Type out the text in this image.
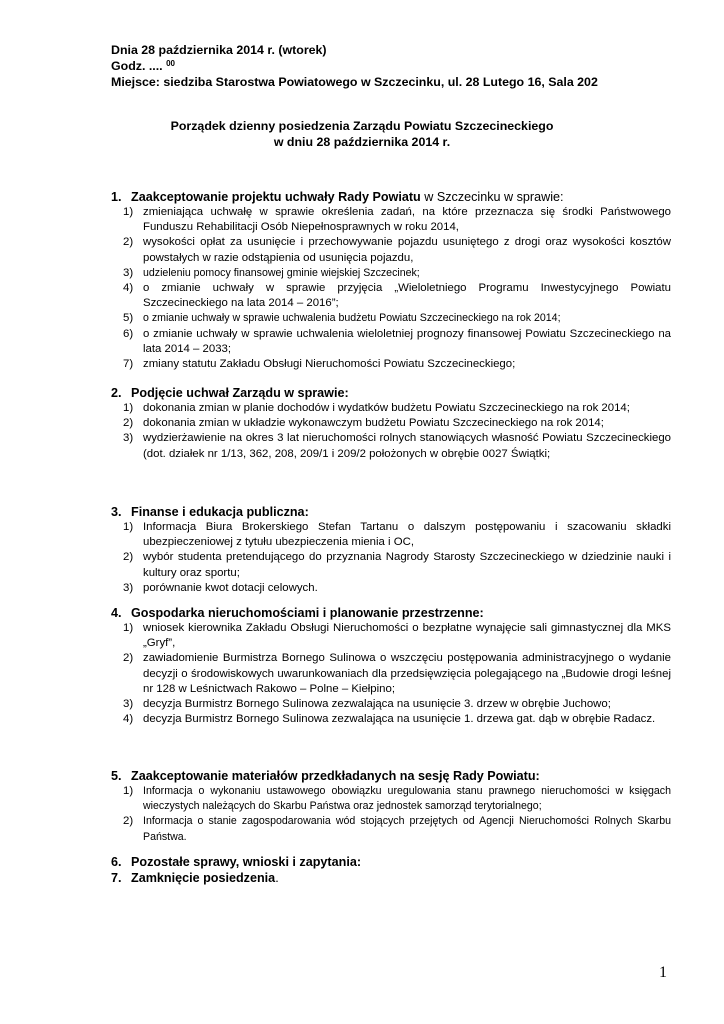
Dnia 28 października 2014 r. (wtorek)
Godz. .... $^{00}$
Miejsce: siedziba Starostwa Powiatowego w Szczecinku, ul. 28 Lutego 16, Sala 202
Porządek dzienny posiedzenia Zarządu Powiatu Szczecineckiego
w dniu 28 października 2014 r.
1. Zaakceptowanie projektu uchwały Rady Powiatu w Szczecinku w sprawie:
1) zmieniająca uchwałę w sprawie określenia zadań, na które przeznacza się środki Państwowego Funduszu Rehabilitacji Osób Niepełnosprawnych w roku 2014,
2) wysokości opłat za usunięcie i przechowywanie pojazdu usuniętego z drogi oraz wysokości kosztów powstałych w razie odstąpienia od usunięcia pojazdu,
3) udzieleniu pomocy finansowej gminie wiejskiej Szczecinek;
4) o zmianie uchwały w sprawie przyjęcia „Wieloletniego Programu Inwestycyjnego Powiatu Szczecineckiego na lata 2014 – 2016”;
5) o zmianie uchwały w sprawie uchwalenia budżetu Powiatu Szczecineckiego na rok 2014;
6) o zmianie uchwały w sprawie uchwalenia wieloletniej prognozy finansowej Powiatu Szczecineckiego na lata 2014 – 2033;
7) zmiany statutu Zakładu Obsługi Nieruchomości Powiatu Szczecineckiego;
2. Podjęcie uchwał Zarządu w sprawie:
1) dokonania zmian w planie dochodów i wydatków budżetu Powiatu Szczecineckiego na rok 2014;
2) dokonania zmian w układzie wykonawczym budżetu Powiatu Szczecineckiego na rok 2014;
3) wydzierżawienie na okres 3 lat nieruchomości rolnych stanowiących własność Powiatu Szczecineckiego (dot. działek nr 1/13, 362, 208, 209/1 i 209/2 położonych w obrębie 0027 Świątki;
3. Finanse i edukacja publiczna:
1) Informacja Biura Brokerskiego Stefan Tartanu o dalszym postępowaniu i szacowaniu składki ubezpieczeniowej z tytułu ubezpieczenia mienia i OC,
2) wybór studenta pretendującego do przyznania Nagrody Starosty Szczecineckiego w dziedzinie nauki i kultury oraz sportu;
3) porównanie kwot dotacji celowych.
4. Gospodarka nieruchomościami i planowanie przestrzenne:
1) wniosek kierownika Zakładu Obsługi Nieruchomości o bezpłatne wynajęcie sali gimnastycznej dla MKS „Gryf”,
2) zawiadomienie Burmistrza Bornego Sulinowa o wszczęciu postępowania administracyjnego o wydanie decyzji o środowiskowych uwarunkowaniach dla przedsięwzięcia polegającego na „Budowie drogi leśnej nr 128 w Leśnictwach Rakowo – Polne – Kiełpino;
3) decyzja Burmistrz Bornego Sulinowa zezwalająca na usunięcie 3. drzew w obrębie Juchowo;
4) decyzja Burmistrz Bornego Sulinowa zezwalająca na usunięcie 1. drzewa gat. dąb w obrębie Radacz.
5. Zaakceptowanie materiałów przedkładanych na sesję Rady Powiatu:
1) Informacja o wykonaniu ustawowego obowiązku uregulowania stanu prawnego nieruchomości w księgach wieczystych należących do Skarbu Państwa oraz jednostek samorząd terytorialnego;
2) Informacja o stanie zagospodarowania wód stojących przejętych od Agencji Nieruchomości Rolnych Skarbu Państwa.
6. Pozostałe sprawy, wnioski i zapytania:
7. Zamknięcie posiedzenia.
1
